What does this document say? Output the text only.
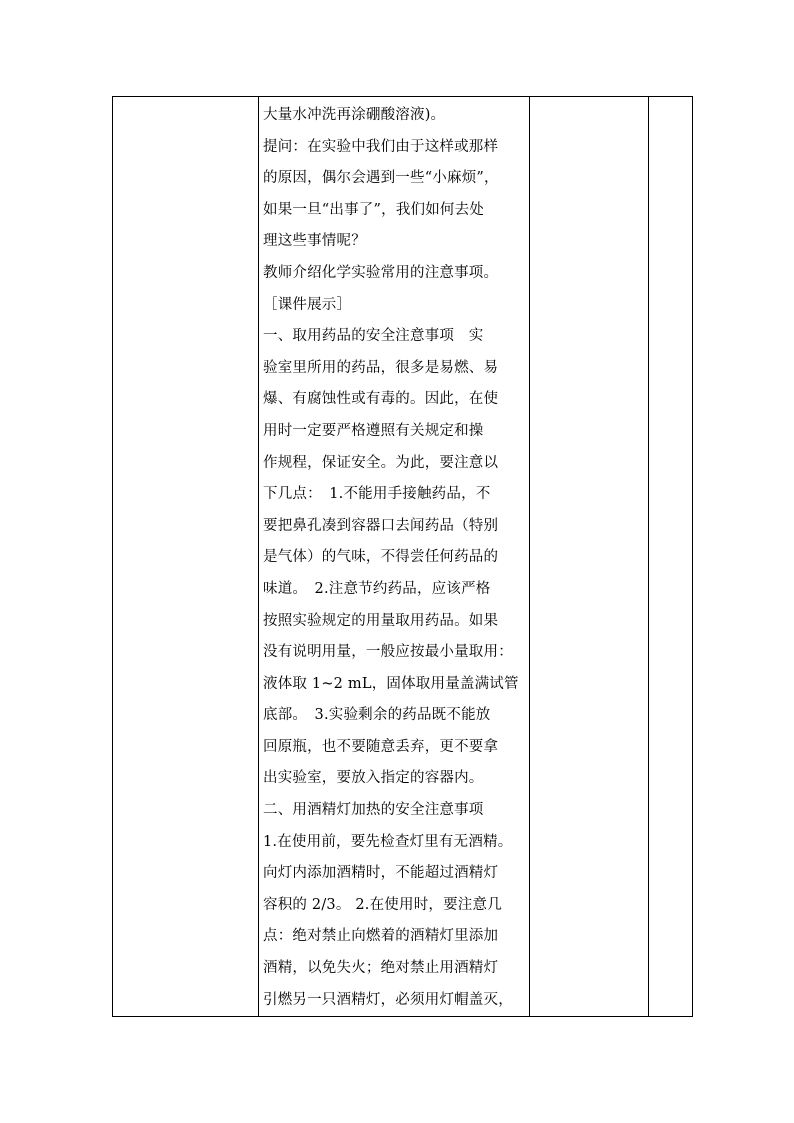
大量水冲洗再涂硼酸溶液)。
提问：在实验中我们由于这样或那样
的原因，偶尔会遇到一些“小麻烦”，
如果一旦“出事了”，我们如何去处
理这些事情呢？
教师介绍化学实验常用的注意事项。
［课件展示］
一、取用药品的安全注意事项　实
验室里所用的药品，很多是易燃、易
爆、有腐蚀性或有毒的。因此，在使
用时一定要严格遵照有关规定和操
作规程，保证安全。为此，要注意以
下几点：　1.不能用手接触药品，不
要把鼻孔凑到容器口去闻药品（特别
是气体）的气味，不得尝任何药品的
味道。　2.注意节约药品，应该严格
按照实验规定的用量取用药品。如果
没有说明用量，一般应按最小量取用：
液体取 1~2 mL，固体取用量盖满试管
底部。　3.实验剩余的药品既不能放
回原瓶，也不要随意丢弃，更不要拿
出实验室，要放入指定的容器内。
二、用酒精灯加热的安全注意事项
1.在使用前，要先检查灯里有无酒精。
向灯内添加酒精时，不能超过酒精灯
容积的 2/3。 2.在使用时，要注意几
点：绝对禁止向燃着的酒精灯里添加
酒精，以免失火；绝对禁止用酒精灯
引燃另一只酒精灯，必须用灯帽盖灭，
